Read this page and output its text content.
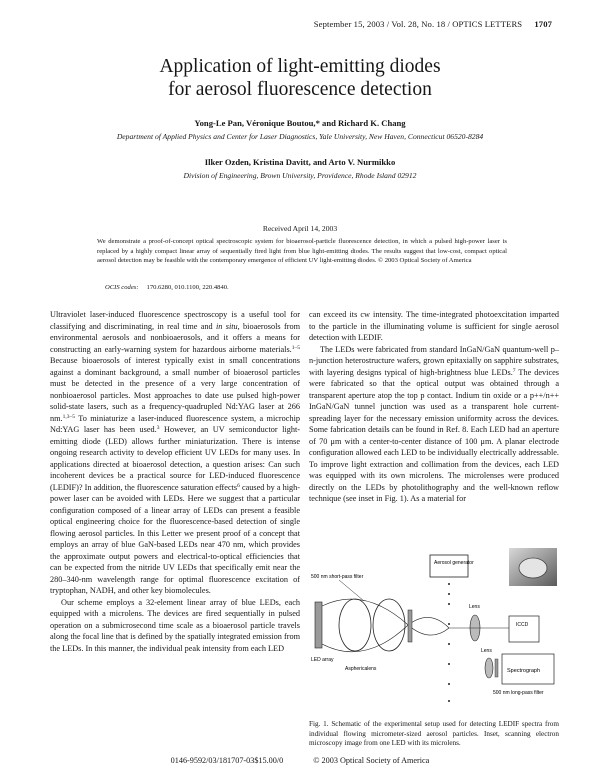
September 15, 2003 / Vol. 28, No. 18 / OPTICS LETTERS 1707
Application of light-emitting diodes
for aerosol fluorescence detection
Yong-Le Pan, Véronique Boutou,* and Richard K. Chang
Department of Applied Physics and Center for Laser Diagnostics, Yale University, New Haven, Connecticut 06520-8284
Ilker Ozden, Kristina Davitt, and Arto V. Nurmikko
Division of Engineering, Brown University, Providence, Rhode Island 02912
Received April 14, 2003
We demonstrate a proof-of-concept optical spectroscopic system for bioaerosol-particle fluorescence detection, in which a pulsed high-power laser is replaced by a highly compact linear array of sequentially fired light from blue light-emitting diodes. The results suggest that low-cost, compact optical aerosol detection may be feasible with the contemporary emergence of efficient UV light-emitting diodes. © 2003 Optical Society of America
OCIS codes: 170.6280, 010.1100, 220.4840.

Ultraviolet laser-induced fluorescence spectroscopy is a useful tool for classifying and discriminating, in real time and in situ, bioaerosols from environmental aerosols and nonbioaerosols, and it offers a means for constructing an early-warning system for hazardous airborne materials.$^{1-5}$ Because bioaerosols of interest typically exist in small concentrations against a dominant background, a small number of bioaerosol particles must be detected in the presence of a very large concentration of nonbioaerosol particles. Most approaches to date use pulsed high-power solid-state lasers, such as a frequency-quadrupled Nd:YAG laser at 266 nm.$^{1,3-5}$ To miniaturize a laser-induced fluorescence system, a microchip Nd:YAG laser has been used.$^3$ However, an UV semiconductor light-emitting diode (LED) allows further miniaturization. There is intense ongoing research activity to develop efficient UV LEDs for many uses. In applications directed at bioaerosol detection, a question arises: Can such incoherent devices be a practical source for LED-induced fluorescence (LEDIF)? In addition, the fluorescence saturation effects$^6$ caused by a high-power laser can be avoided with LEDs. Here we suggest that a particular configuration composed of a linear array of LEDs can present a feasible optical engineering choice for the fluorescence-based detection of single flowing aerosol particles. In this Letter we present proof of a concept that employs an array of blue GaN-based LEDs near 470 nm, which provides the approximate output powers and electrical-to-optical efficiencies that can be expected from the nitride UV LEDs that specifically emit near the 280–340-nm wavelength range for optimal fluorescence excitation of tryptophan, NADH, and other key biomolecules.

Our scheme employs a 32-element linear array of blue LEDs, each equipped with a microlens. The devices are fired sequentially in pulsed operation on a submicrosecond time scale as a bioaerosol particle travels along the focal line that is defined by the spatially integrated emission from the LEDs. In this manner, the individual peak intensity from each LED

can exceed its cw intensity. The time-integrated photoexcitation imparted to the particle in the illuminating volume is sufficient for single aerosol detection with LEDIF.

The LEDs were fabricated from standard InGaN/GaN quantum-well p–n-junction heterostructure wafers, grown epitaxially on sapphire substrates, with layering designs typical of high-brightness blue LEDs.$^7$ The devices were fabricated so that the optical output was obtained through a transparent aperture atop the top p contact. Indium tin oxide or a p++/n++ InGaN/GaN tunnel junction was used as a transparent hole current-spreading layer for the necessary emission uniformity across the devices. Some fabrication details can be found in Ref. 8. Each LED had an aperture of 70 μm with a center-to-center distance of 100 μm. A planar electrode configuration allowed each LED to be individually electrically addressable. To improve light extraction and collimation from the devices, each LED was equipped with its own microlens. The microlenses were produced directly on the LEDs by photolithography and the well-known reflow technique (see inset in Fig. 1). As a material for

Aerosol generator
500 nm short-pass filter
LED array
Asphericalens
Lens
ICCD
Spectrograph
Lens
500 nm long-pass filter
Fig. 1. Schematic of the experimental setup used for detecting LEDIF spectra from individual flowing micrometer-sized aerosol particles. Inset, scanning electron microscopy image from one LED with its microlens.
0146-9592/03/181707-03$15.00/0	© 2003 Optical Society of America
